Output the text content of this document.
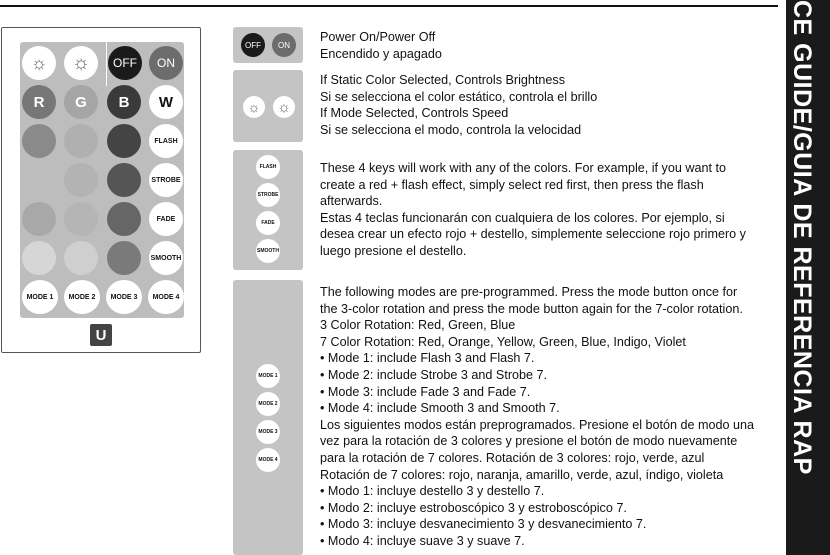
CE GUIDE/GUIA DE REFERENCIA RAP
☼ ☼ OFF ON
R G B W
FLASH
STROBE
FADE
SMOOTH
MODE 1 MODE 2 MODE 3 MODE 4
U
OFF ON
Power On/Power Off
Encendido y apagado
☼	☼
If Static Color Selected, Controls Brightness
Si se selecciona el color estático, controla el brillo
If Mode Selected, Controls Speed
Si se selecciona el modo, controla la velocidad
FLASH
STROBE
FADE
SMOOTH
These 4 keys will work with any of the colors. For example, if you want to
create a red + flash effect, simply select red first, then press the flash
afterwards.
Estas 4 teclas funcionarán con cualquiera de los colores. Por ejemplo, si
desea crear un efecto rojo + destello, simplemente seleccione rojo primero y
luego presione el destello.
MODE 1
MODE 2
MODE 3
MODE 4
The following modes are pre-programmed. Press the mode button once for
the 3-color rotation and press the mode button again for the 7-color rotation.
3 Color Rotation: Red, Green, Blue
7 Color Rotation: Red, Orange, Yellow, Green, Blue, Indigo, Violet
• Mode 1: include Flash 3 and Flash 7.
• Mode 2: include Strobe 3 and Strobe 7.
• Mode 3: include Fade 3 and Fade 7.
• Mode 4: include Smooth 3 and Smooth 7.
Los siguientes modos están preprogramados. Presione el botón de modo una
vez para la rotación de 3 colores y presione el botón de modo nuevamente
para la rotación de 7 colores. Rotación de 3 colores: rojo, verde, azul
Rotación de 7 colores: rojo, naranja, amarillo, verde, azul, índigo, violeta
• Modo 1: incluye destello 3 y destello 7.
• Modo 2: incluye estroboscópico 3 y estroboscópico 7.
• Modo 3: incluye desvanecimiento 3 y desvanecimiento 7.
• Modo 4: incluye suave 3 y suave 7.
